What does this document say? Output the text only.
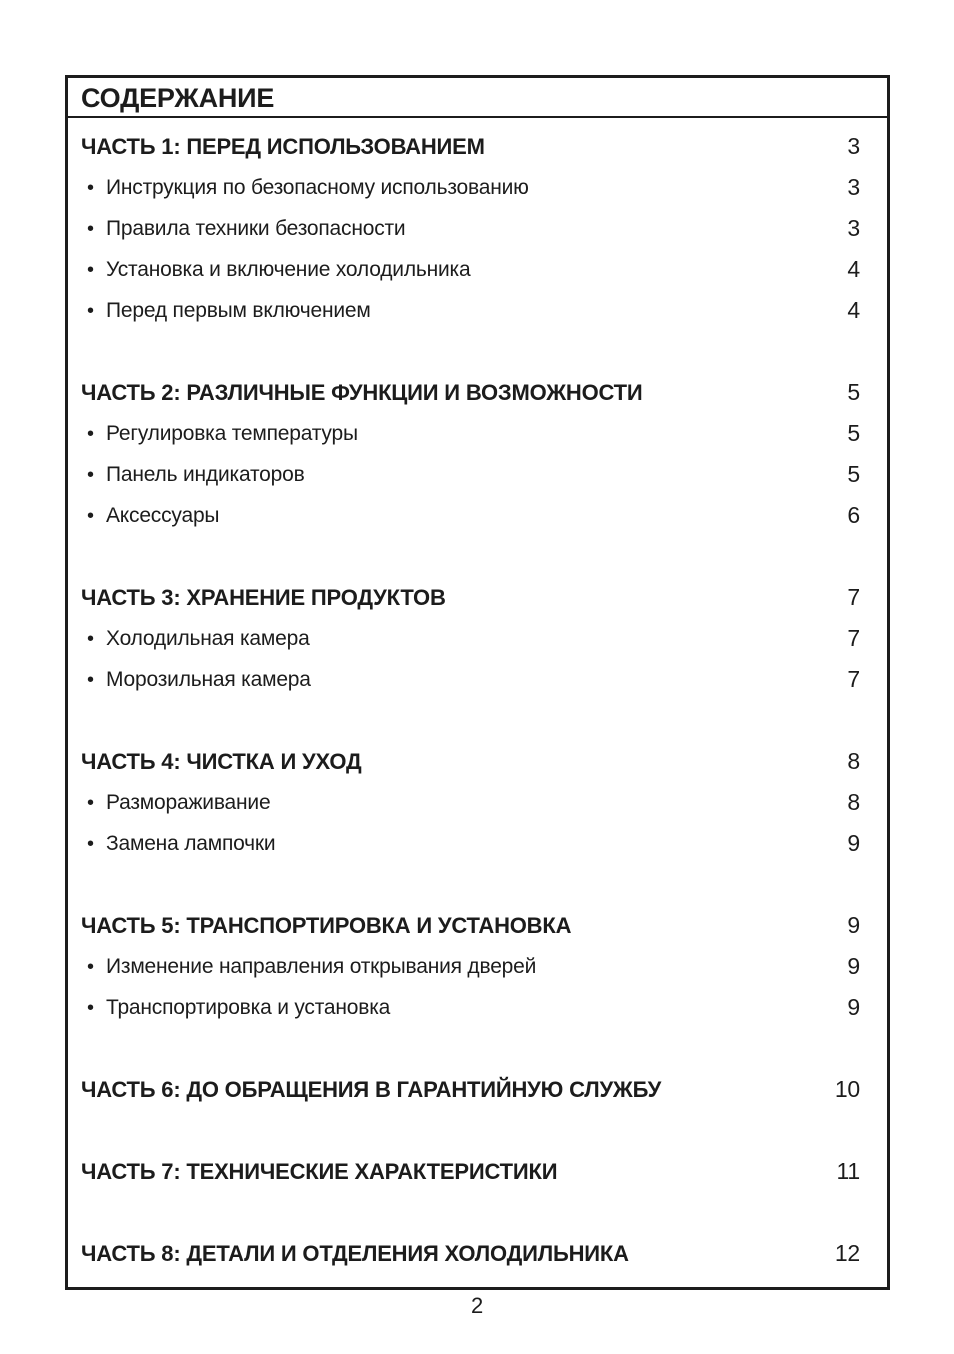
СОДЕРЖАНИЕ
ЧАСТЬ 1: ПЕРЕД ИСПОЛЬЗОВАНИЕМ	3
• Инструкция по безопасному использованию	3
• Правила техники безопасности	3
• Установка и включение холодильника	4
• Перед первым включением	4
ЧАСТЬ 2: РАЗЛИЧНЫЕ ФУНКЦИИ И ВОЗМОЖНОСТИ	5
• Регулировка температуры	5
• Панель индикаторов	5
• Аксессуары	6
ЧАСТЬ 3: ХРАНЕНИЕ ПРОДУКТОВ	7
• Холодильная камера	7
• Морозильная камера	7
ЧАСТЬ 4: ЧИСТКА И УХОД	8
• Размораживание	8
• Замена лампочки	9
ЧАСТЬ 5: ТРАНСПОРТИРОВКА И УСТАНОВКА	9
• Изменение направления открывания дверей	9
• Транспортировка и установка	9
ЧАСТЬ 6: ДО ОБРАЩЕНИЯ В ГАРАНТИЙНУЮ СЛУЖБУ	10
ЧАСТЬ 7: ТЕХНИЧЕСКИЕ ХАРАКТЕРИСТИКИ	11
ЧАСТЬ 8: ДЕТАЛИ И ОТДЕЛЕНИЯ ХОЛОДИЛЬНИКА	12
2
